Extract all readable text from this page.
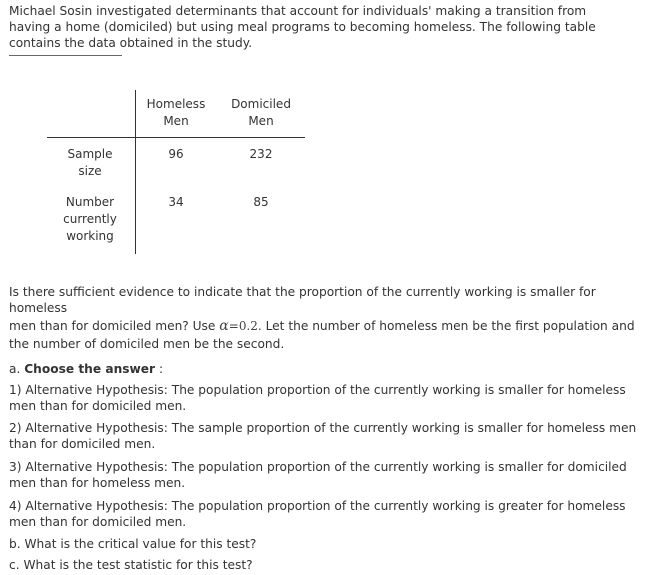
Michael Sosin investigated determinants that account for individuals' making a transition from having a home (domiciled) but using meal programs to becoming homeless. The following table contains the data obtained in the study.
Homeless
Men
Domiciled
Men
Sample
size
96	232
Number
currently
working
34	85
Is there sufficient evidence to indicate that the proportion of the currently working is smaller for homeless
men than for domiciled men? Use α=0.2. Let the number of homeless men be the first population and
the number of domiciled men be the second.
a. Choose the answer :
1) Alternative Hypothesis: The population proportion of the currently working is smaller for homeless men than for domiciled men.
2) Alternative Hypothesis: The sample proportion of the currently working is smaller for homeless men than for domiciled men.
3) Alternative Hypothesis: The population proportion of the currently working is smaller for domiciled men than for homeless men.
4) Alternative Hypothesis: The population proportion of the currently working is greater for homeless men than for domiciled men.
b. What is the critical value for this test?
c. What is the test statistic for this test?
